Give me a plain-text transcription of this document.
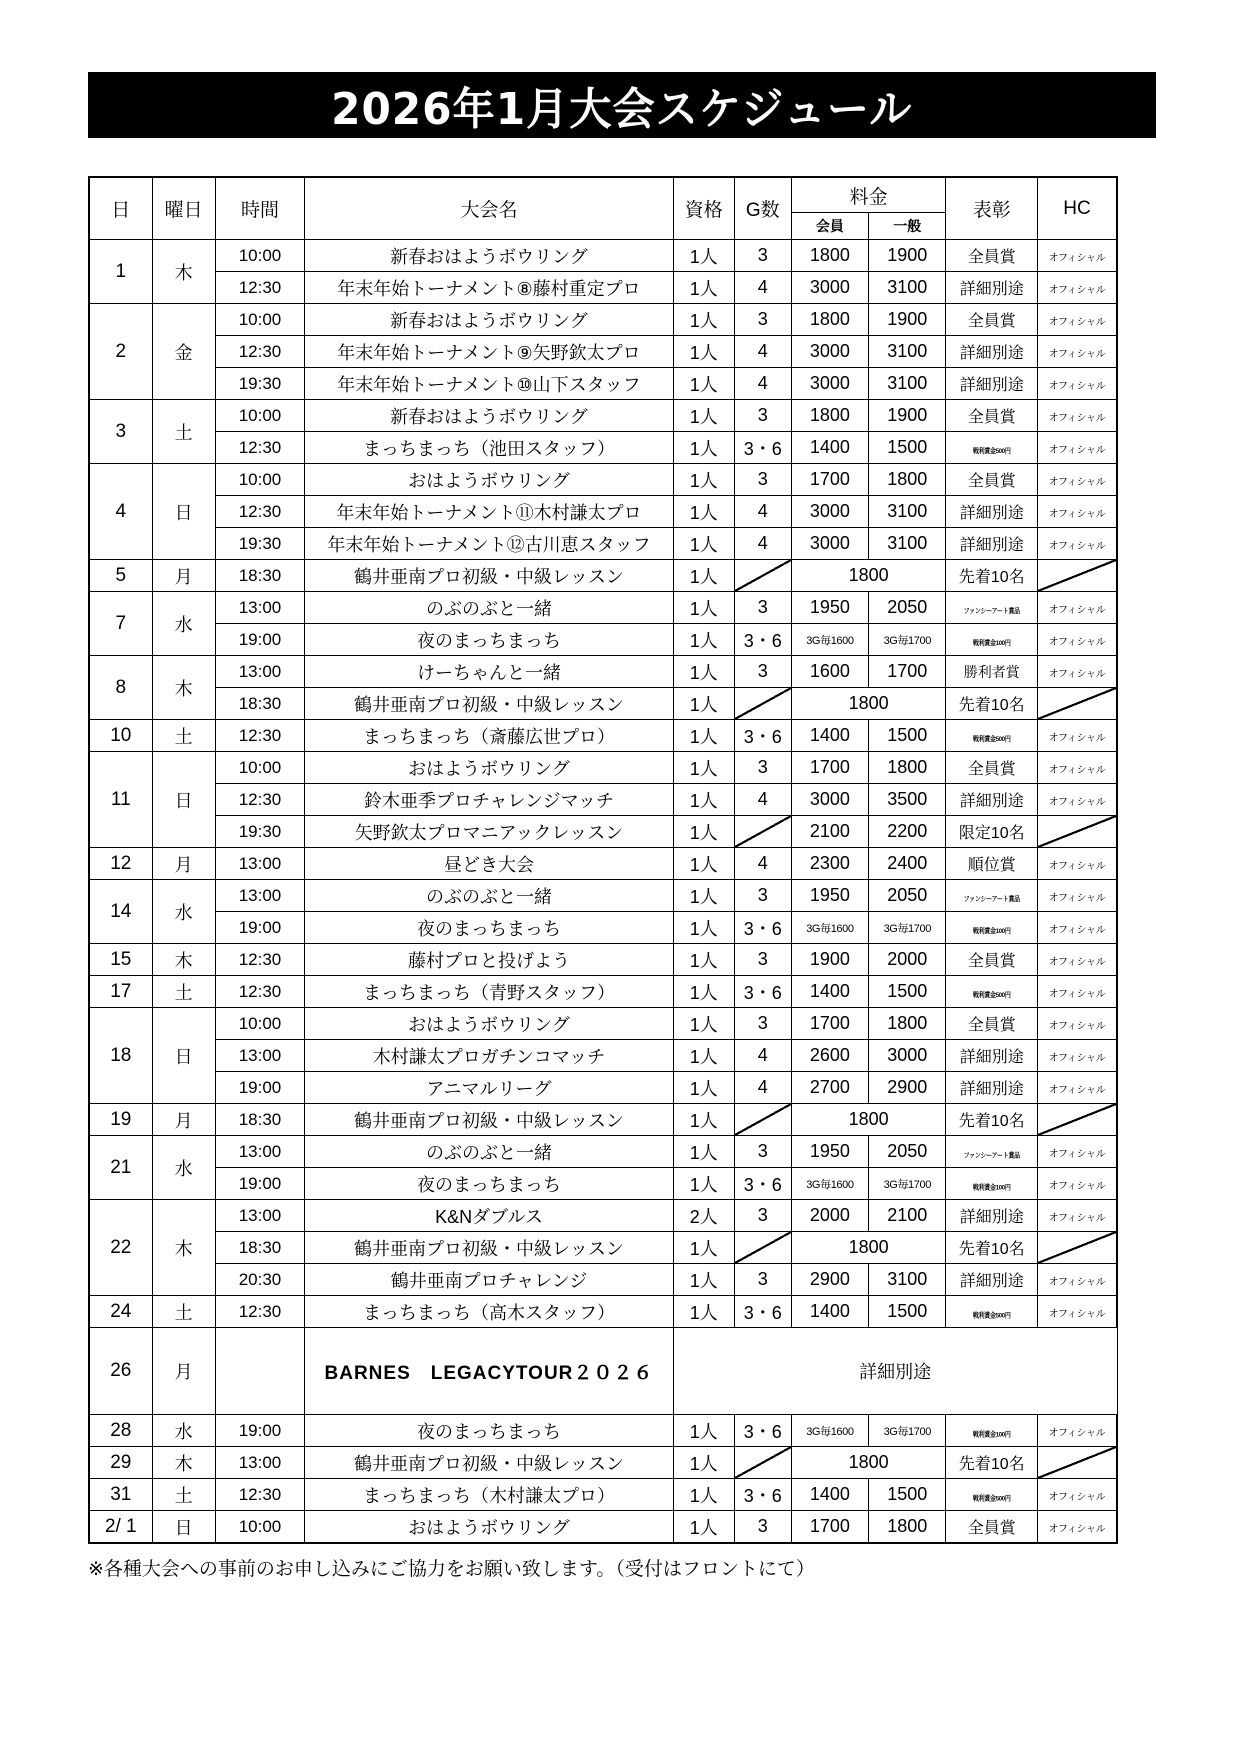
2026年1月大会スケジュール
日	曜日	時間	大会名	資格	G数	料金		表彰	HC
						会員	一般		
1	木	10:00	新春おはようボウリング	1人	3	1800	1900	全員賞	オフィシャル
		12:30	年末年始トーナメント⑧藤村重定プロ	1人	4	3000	3100	詳細別途	オフィシャル
2	金	10:00	新春おはようボウリング	1人	3	1800	1900	全員賞	オフィシャル
		12:30	年末年始トーナメント⑨矢野欽太プロ	1人	4	3000	3100	詳細別途	オフィシャル
		19:30	年末年始トーナメント⑩山下スタッフ	1人	4	3000	3100	詳細別途	オフィシャル
3	土	10:00	新春おはようボウリング	1人	3	1800	1900	全員賞	オフィシャル
		12:30	まっちまっち（池田スタッフ）	1人	3・6	1400	1500	戦利賞金500円	オフィシャル
4	日	10:00	おはようボウリング	1人	3	1700	1800	全員賞	オフィシャル
		12:30	年末年始トーナメント⑪木村謙太プロ	1人	4	3000	3100	詳細別途	オフィシャル
		19:30	年末年始トーナメント⑫古川恵スタッフ	1人	4	3000	3100	詳細別途	オフィシャル
5	月	18:30	鶴井亜南プロ初級・中級レッスン	1人		1800		先着10名	
7	水	13:00	のぶのぶと一緒	1人	3	1950	2050	ファンシーアート賞品	オフィシャル
		19:00	夜のまっちまっち	1人	3・6	3G毎1600	3G毎1700	戦利賞金100円	オフィシャル
8	木	13:00	けーちゃんと一緒	1人	3	1600	1700	勝利者賞	オフィシャル
		18:30	鶴井亜南プロ初級・中級レッスン	1人		1800		先着10名	
10	土	12:30	まっちまっち（斎藤広世プロ）	1人	3・6	1400	1500	戦利賞金500円	オフィシャル
11	日	10:00	おはようボウリング	1人	3	1700	1800	全員賞	オフィシャル
		12:30	鈴木亜季プロチャレンジマッチ	1人	4	3000	3500	詳細別途	オフィシャル
		19:30	矢野欽太プロマニアックレッスン	1人		2100	2200	限定10名	
12	月	13:00	昼どき大会	1人	4	2300	2400	順位賞	オフィシャル
14	水	13:00	のぶのぶと一緒	1人	3	1950	2050	ファンシーアート賞品	オフィシャル
		19:00	夜のまっちまっち	1人	3・6	3G毎1600	3G毎1700	戦利賞金100円	オフィシャル
15	木	12:30	藤村プロと投げよう	1人	3	1900	2000	全員賞	オフィシャル
17	土	12:30	まっちまっち（青野スタッフ）	1人	3・6	1400	1500	戦利賞金500円	オフィシャル
18	日	10:00	おはようボウリング	1人	3	1700	1800	全員賞	オフィシャル
		13:00	木村謙太プロガチンコマッチ	1人	4	2600	3000	詳細別途	オフィシャル
		19:00	アニマルリーグ	1人	4	2700	2900	詳細別途	オフィシャル
19	月	18:30	鶴井亜南プロ初級・中級レッスン	1人		1800		先着10名	
21	水	13:00	のぶのぶと一緒	1人	3	1950	2050	ファンシーアート賞品	オフィシャル
		19:00	夜のまっちまっち	1人	3・6	3G毎1600	3G毎1700	戦利賞金100円	オフィシャル
22	木	13:00	K&Nダブルス	2人	3	2000	2100	詳細別途	オフィシャル
		18:30	鶴井亜南プロ初級・中級レッスン	1人		1800		先着10名	
		20:30	鶴井亜南プロチャレンジ	1人	3	2900	3100	詳細別途	オフィシャル
24	土	12:30	まっちまっち（高木スタッフ）	1人	3・6	1400	1500	戦利賞金500円	オフィシャル
26	月		BARNES　LEGACYTOUR２０２６	詳細別途					
28	水	19:00	夜のまっちまっち	1人	3・6	3G毎1600	3G毎1700	戦利賞金100円	オフィシャル
29	木	13:00	鶴井亜南プロ初級・中級レッスン	1人		1800		先着10名	
31	土	12:30	まっちまっち（木村謙太プロ）	1人	3・6	1400	1500	戦利賞金500円	オフィシャル
2/ 1	日	10:00	おはようボウリング	1人	3	1700	1800	全員賞	オフィシャル
※各種大会への事前のお申し込みにご協力をお願い致します。（受付はフロントにて）
